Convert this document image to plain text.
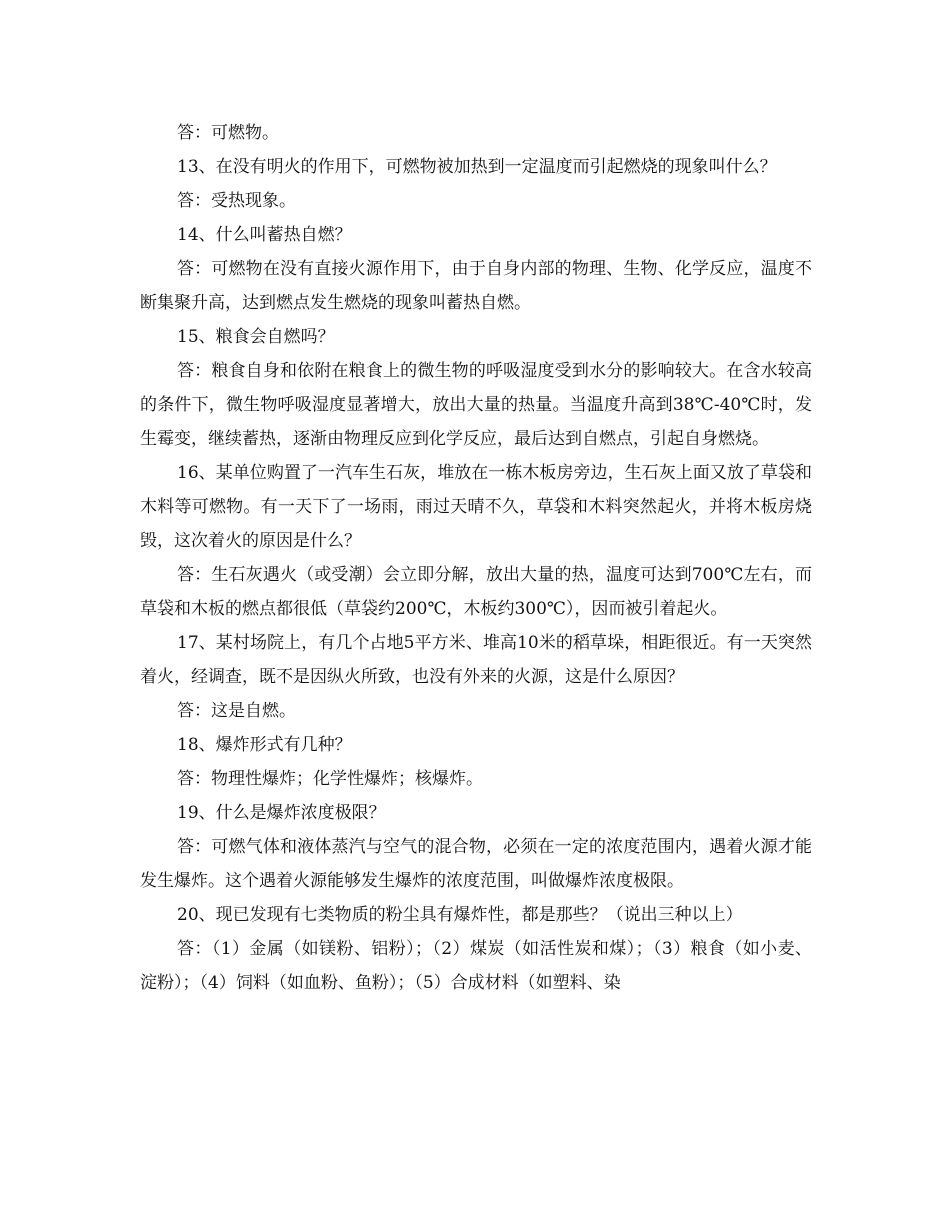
答：可燃物。

13、在没有明火的作用下，可燃物被加热到一定温度而引起燃烧的现象叫什么？

答：受热现象。

14、什么叫蓄热自燃？

答：可燃物在没有直接火源作用下，由于自身内部的物理、生物、化学反应，温度不断集聚升高，达到燃点发生燃烧的现象叫蓄热自燃。

15、粮食会自燃吗？

答：粮食自身和依附在粮食上的微生物的呼吸湿度受到水分的影响较大。在含水较高的条件下，微生物呼吸湿度显著增大，放出大量的热量。当温度升高到38℃-40℃时，发生霉变，继续蓄热，逐渐由物理反应到化学反应，最后达到自燃点，引起自身燃烧。

16、某单位购置了一汽车生石灰，堆放在一栋木板房旁边，生石灰上面又放了草袋和木料等可燃物。有一天下了一场雨，雨过天晴不久，草袋和木料突然起火，并将木板房烧毁，这次着火的原因是什么？

答：生石灰遇火（或受潮）会立即分解，放出大量的热，温度可达到700℃左右，而草袋和木板的燃点都很低（草袋约200℃，木板约300℃），因而被引着起火。

17、某村场院上，有几个占地5平方米、堆高10米的稻草垛，相距很近。有一天突然着火，经调查，既不是因纵火所致，也没有外来的火源，这是什么原因？

答：这是自燃。

18、爆炸形式有几种？

答：物理性爆炸；化学性爆炸；核爆炸。

19、什么是爆炸浓度极限？

答：可燃气体和液体蒸汽与空气的混合物，必须在一定的浓度范围内，遇着火源才能发生爆炸。这个遇着火源能够发生爆炸的浓度范围，叫做爆炸浓度极限。

20、现已发现有七类物质的粉尘具有爆炸性，都是那些？（说出三种以上）

答：（1）金属（如镁粉、铝粉）；（2）煤炭（如活性炭和煤）；（3）粮食（如小麦、淀粉）；（4）饲料（如血粉、鱼粉）；（5）合成材料（如塑料、染
